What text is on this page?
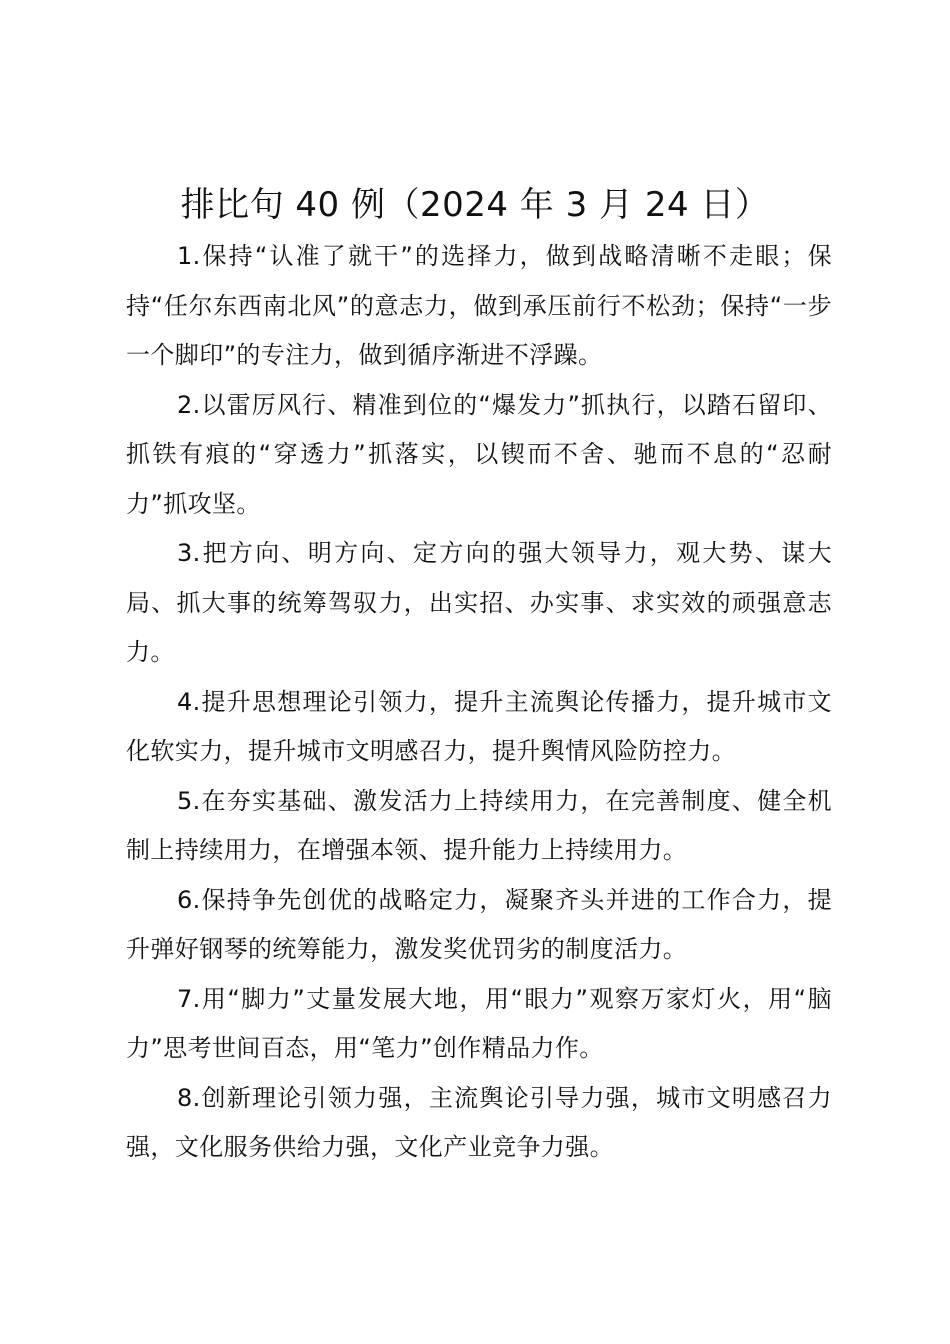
排比句 40 例（2024 年 3 月 24 日）

1.保持“认准了就干”的选择力，做到战略清晰不走眼；保持“任尔东西南北风”的意志力，做到承压前行不松劲；保持“一步一个脚印”的专注力，做到循序渐进不浮躁。

2.以雷厉风行、精准到位的“爆发力”抓执行，以踏石留印、抓铁有痕的“穿透力”抓落实，以锲而不舍、驰而不息的“忍耐力”抓攻坚。

3.把方向、明方向、定方向的强大领导力，观大势、谋大局、抓大事的统筹驾驭力，出实招、办实事、求实效的顽强意志力。

4.提升思想理论引领力，提升主流舆论传播力，提升城市文化软实力，提升城市文明感召力，提升舆情风险防控力。

5.在夯实基础、激发活力上持续用力，在完善制度、健全机制上持续用力，在增强本领、提升能力上持续用力。

6.保持争先创优的战略定力，凝聚齐头并进的工作合力，提升弹好钢琴的统筹能力，激发奖优罚劣的制度活力。

7.用“脚力”丈量发展大地，用“眼力”观察万家灯火，用“脑力”思考世间百态，用“笔力”创作精品力作。

8.创新理论引领力强，主流舆论引导力强，城市文明感召力强，文化服务供给力强，文化产业竞争力强。
